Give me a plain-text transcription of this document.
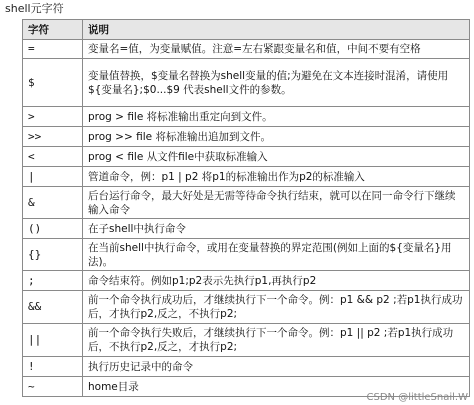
shell元字符
字符	说明
=	变量名=值，为变量赋值。注意=左右紧跟变量名和值，中间不要有空格
$	变量值替换，$变量名替换为shell变量的值;为避免在文本连接时混淆，请使用${变量名};$0...$9 代表shell文件的参数。
>	prog > file 将标准输出重定向到文件。
>>	prog >> file 将标准输出追加到文件。
<	prog < file 从文件file中获取标准输入
|	管道命令，例：p1 | p2 将p1的标准输出作为p2的标准输入
&	后台运行命令，最大好处是无需等待命令执行结束，就可以在同一命令行下继续输入命令
()	在子shell中执行命令
{}	在当前shell中执行命令，或用在变量替换的界定范围(例如上面的${变量名}用法)。
;	命令结束符。例如p1;p2表示先执行p1,再执行p2
&&	前一个命令执行成功后，才继续执行下一个命令。例：p1 && p2 ;若p1执行成功后，才执行p2,反之，不执行p2;
||	前一个命令执行失败后，才继续执行下一个命令。例：p1 || p2 ;若p1执行成功后，不执行p2,反之，才执行p2;
!	执行历史记录中的命令
~	home目录
CSDN @littleSnail.W
